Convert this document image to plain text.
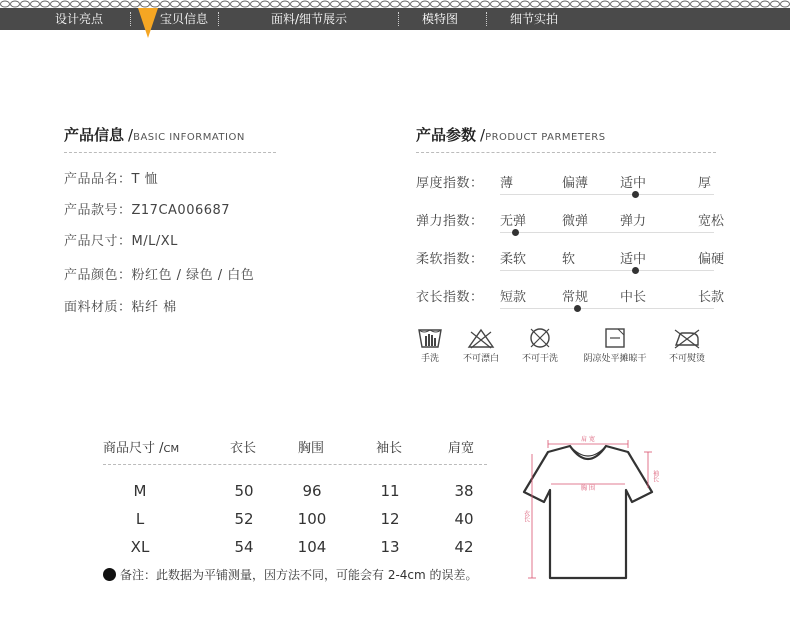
设计亮点	宝贝信息	面料/细节展示	模特图	细节实拍
产品信息 /BASIC INFORMATION
产品品名：T 恤
产品款号：Z17CA006687
产品尺寸：M/L/XL
产品颜色：粉红色 / 绿色 / 白色
面料材质：粘纤 棉
产品参数 /PRODUCT PARMETERS
厚度指数： 薄	偏薄 适中	厚
弹力指数： 无弹	微弹 弹力	宽松
柔软指数： 柔软	软	适中	偏硬
衣长指数： 短款	常规 中长	长款
手洗	不可漂白	不可干洗	阴凉处平摊晾干	不可熨烫
商品尺寸 /CM	衣长	胸围	袖长	肩宽
M	50	96	11	38
L	52	100	12	40
XL	54	104	13	42
备注：此数据为平铺测量，因方法不同，可能会有 2-4cm 的误差。
肩 宽
胸 围
袖长
衣长
